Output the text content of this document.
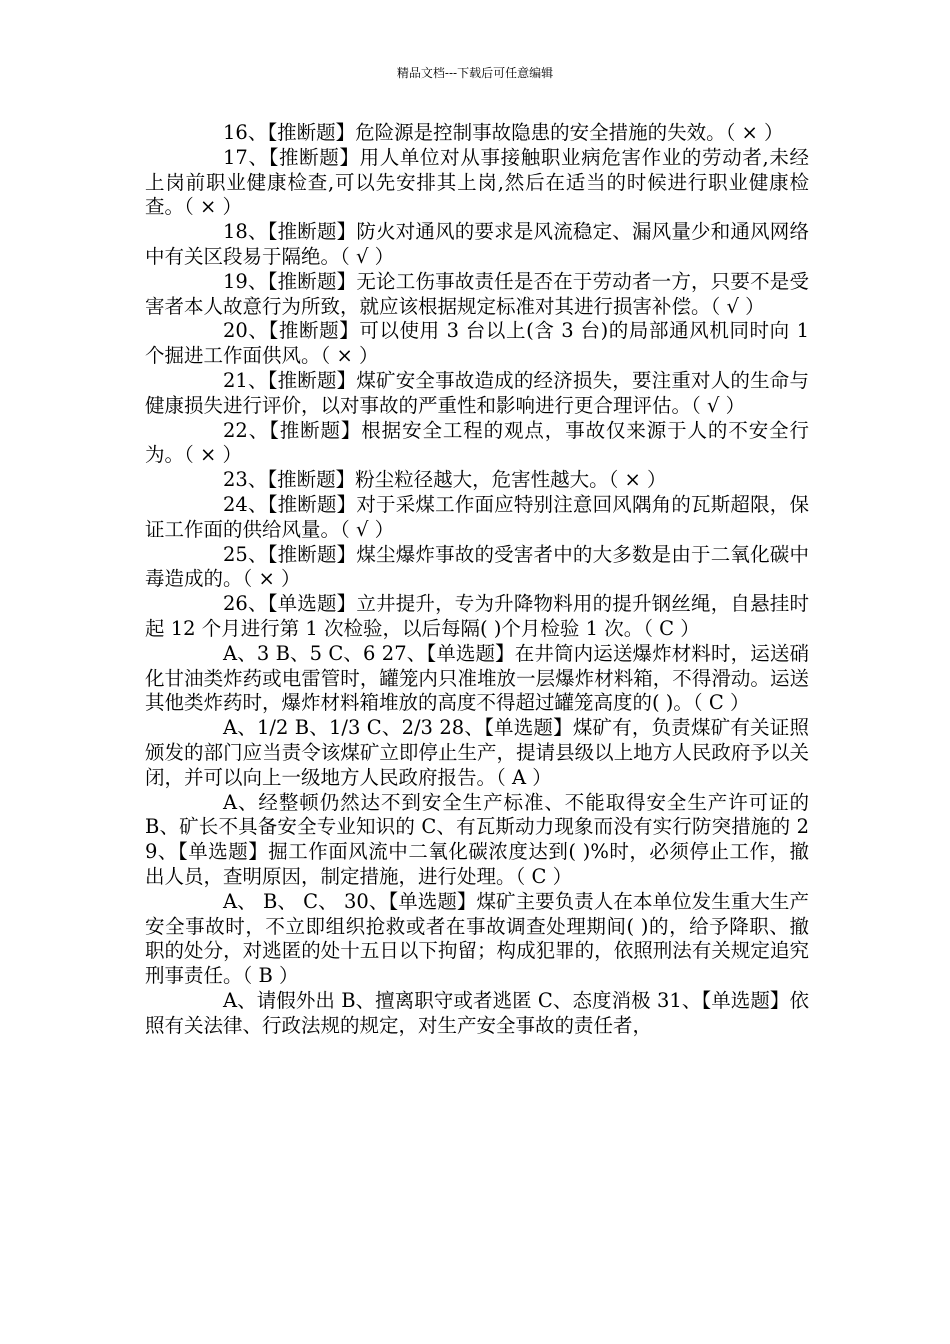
精品文档---下载后可任意编辑

16、【推断题】危险源是控制事故隐患的安全措施的失效。（ × ）

17、【推断题】用人单位对从事接触职业病危害作业的劳动者,未经上岗前职业健康检查,可以先安排其上岗,然后在适当的时候进行职业健康检查。（ × ）

18、【推断题】防火对通风的要求是风流稳定、漏风量少和通风网络中有关区段易于隔绝。（ √ ）

19、【推断题】无论工伤事故责任是否在于劳动者一方，只要不是受害者本人故意行为所致，就应该根据规定标准对其进行损害补偿。（ √ ）

20、【推断题】可以使用 3 台以上(含 3 台)的局部通风机同时向 1 个掘进工作面供风。（ × ）

21、【推断题】煤矿安全事故造成的经济损失，要注重对人的生命与健康损失进行评价，以对事故的严重性和影响进行更合理评估。（ √ ）

22、【推断题】根据安全工程的观点，事故仅来源于人的不安全行为。（ × ）

23、【推断题】粉尘粒径越大，危害性越大。（ × ）

24、【推断题】对于采煤工作面应特别注意回风隅角的瓦斯超限，保证工作面的供给风量。（ √ ）

25、【推断题】煤尘爆炸事故的受害者中的大多数是由于二氧化碳中毒造成的。（ × ）

26、【单选题】立井提升，专为升降物料用的提升钢丝绳，自悬挂时起 12 个月进行第 1 次检验，以后每隔( )个月检验 1 次。（ C ）

A、3 B、5 C、6 27、【单选题】在井筒内运送爆炸材料时，运送硝化甘油类炸药或电雷管时，罐笼内只准堆放一层爆炸材料箱，不得滑动。运送其他类炸药时，爆炸材料箱堆放的高度不得超过罐笼高度的( )。（ C ）

A、1/2 B、1/3 C、2/3 28、【单选题】煤矿有，负责煤矿有关证照颁发的部门应当责令该煤矿立即停止生产，提请县级以上地方人民政府予以关闭，并可以向上一级地方人民政府报告。（ A ）

A、经整顿仍然达不到安全生产标准、不能取得安全生产许可证的 B、矿长不具备安全专业知识的 C、有瓦斯动力现象而没有实行防突措施的 29、【单选题】掘工作面风流中二氧化碳浓度达到( )%时，必须停止工作，撤出人员，查明原因，制定措施，进行处理。（ C ）

A、 B、 C、 30、【单选题】煤矿主要负责人在本单位发生重大生产安全事故时，不立即组织抢救或者在事故调查处理期间( )的，给予降职、撤职的处分，对逃匿的处十五日以下拘留；构成犯罪的，依照刑法有关规定追究刑事责任。（ B ）

A、请假外出 B、擅离职守或者逃匿 C、态度消极 31、【单选题】依照有关法律、行政法规的规定，对生产安全事故的责任者，
